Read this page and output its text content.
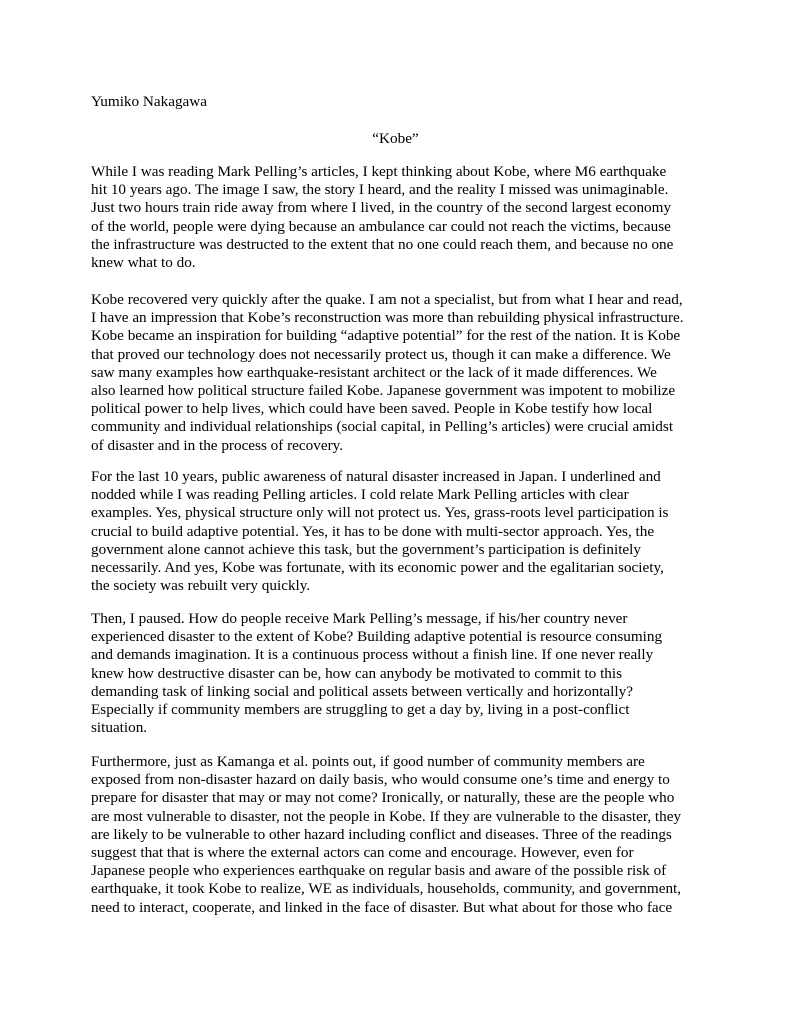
Yumiko Nakagawa
“Kobe”
While I was reading Mark Pelling’s articles, I kept thinking about Kobe, where M6 earthquake
hit 10 years ago. The image I saw, the story I heard, and the reality I missed was unimaginable.
Just two hours train ride away from where I lived, in the country of the second largest economy
of the world, people were dying because an ambulance car could not reach the victims, because
the infrastructure was destructed to the extent that no one could reach them, and because no one
knew what to do.
Kobe recovered very quickly after the quake. I am not a specialist, but from what I hear and read,
I have an impression that Kobe’s reconstruction was more than rebuilding physical infrastructure.
Kobe became an inspiration for building “adaptive potential” for the rest of the nation. It is Kobe
that proved our technology does not necessarily protect us, though it can make a difference. We
saw many examples how earthquake-resistant architect or the lack of it made differences. We
also learned how political structure failed Kobe. Japanese government was impotent to mobilize
political power to help lives, which could have been saved. People in Kobe testify how local
community and individual relationships (social capital, in Pelling’s articles) were crucial amidst
of disaster and in the process of recovery.
For the last 10 years, public awareness of natural disaster increased in Japan. I underlined and
nodded while I was reading Pelling articles. I cold relate Mark Pelling articles with clear
examples. Yes, physical structure only will not protect us. Yes, grass-roots level participation is
crucial to build adaptive potential. Yes, it has to be done with multi-sector approach. Yes, the
government alone cannot achieve this task, but the government’s participation is definitely
necessarily. And yes, Kobe was fortunate, with its economic power and the egalitarian society,
the society was rebuilt very quickly.
Then, I paused. How do people receive Mark Pelling’s message, if his/her country never
experienced disaster to the extent of Kobe? Building adaptive potential is resource consuming
and demands imagination. It is a continuous process without a finish line. If one never really
knew how destructive disaster can be, how can anybody be motivated to commit to this
demanding task of linking social and political assets between vertically and horizontally?
Especially if community members are struggling to get a day by, living in a post-conflict
situation.
Furthermore, just as Kamanga et al. points out, if good number of community members are
exposed from non-disaster hazard on daily basis, who would consume one’s time and energy to
prepare for disaster that may or may not come? Ironically, or naturally, these are the people who
are most vulnerable to disaster, not the people in Kobe. If they are vulnerable to the disaster, they
are likely to be vulnerable to other hazard including conflict and diseases. Three of the readings
suggest that that is where the external actors can come and encourage. However, even for
Japanese people who experiences earthquake on regular basis and aware of the possible risk of
earthquake, it took Kobe to realize, WE as individuals, households, community, and government,
need to interact, cooperate, and linked in the face of disaster. But what about for those who face
